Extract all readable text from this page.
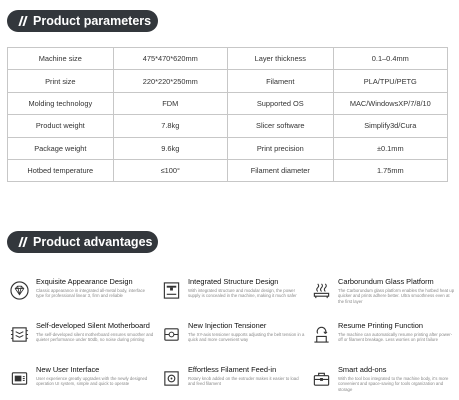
Product parameters
Machine size	475*470*620mm	Layer thickness	0.1–0.4mm
Print size	220*220*250mm	Filament	PLA/TPU/PETG
Molding technology	FDM	Supported OS	MAC/WindowsXP/7/8/10
Product weight	7.8kg	Slicer software	Simplify3d/Cura
Package weight	9.6kg	Print precision	±0.1mm
Hotbed temperature	≤100°	Filament diameter	1.75mm
Product advantages
Exquisite Appearance Design
Classic appearance in integrated all-metal body, interface type for professional linear 3, firm and reliable
Integrated Structure Design
With integrated structure and modular design, the power supply is concealed in the machine, making it much safer
Carborundum Glass Platform
The Carborundum glass platform enables the hotbed heat up quicker and prints adhere better. Ultra smoothness even at the first layer
Self-developed Silent Motherboard
The self-developed silent motherboard ensures smoother and quieter performance under 50db, no noise during printing
New Injection Tensioner
The XY-axis tensioner supports adjusting the belt tension in a quick and more convenient way
Resume Printing Function
The machine can automatically resume printing after power-off or filament breakage. Less worries on print failure
New User Interface
User experience greatly upgrades with the newly designed operation UI system, simple and quick to operate
Effortless Filament Feed-in
Rotary knob added on the extruder makes it easier to load and feed filament
Smart add-ons
With the tool box integrated to the machine body, it's more convenient and space-saving for tools organization and storage
